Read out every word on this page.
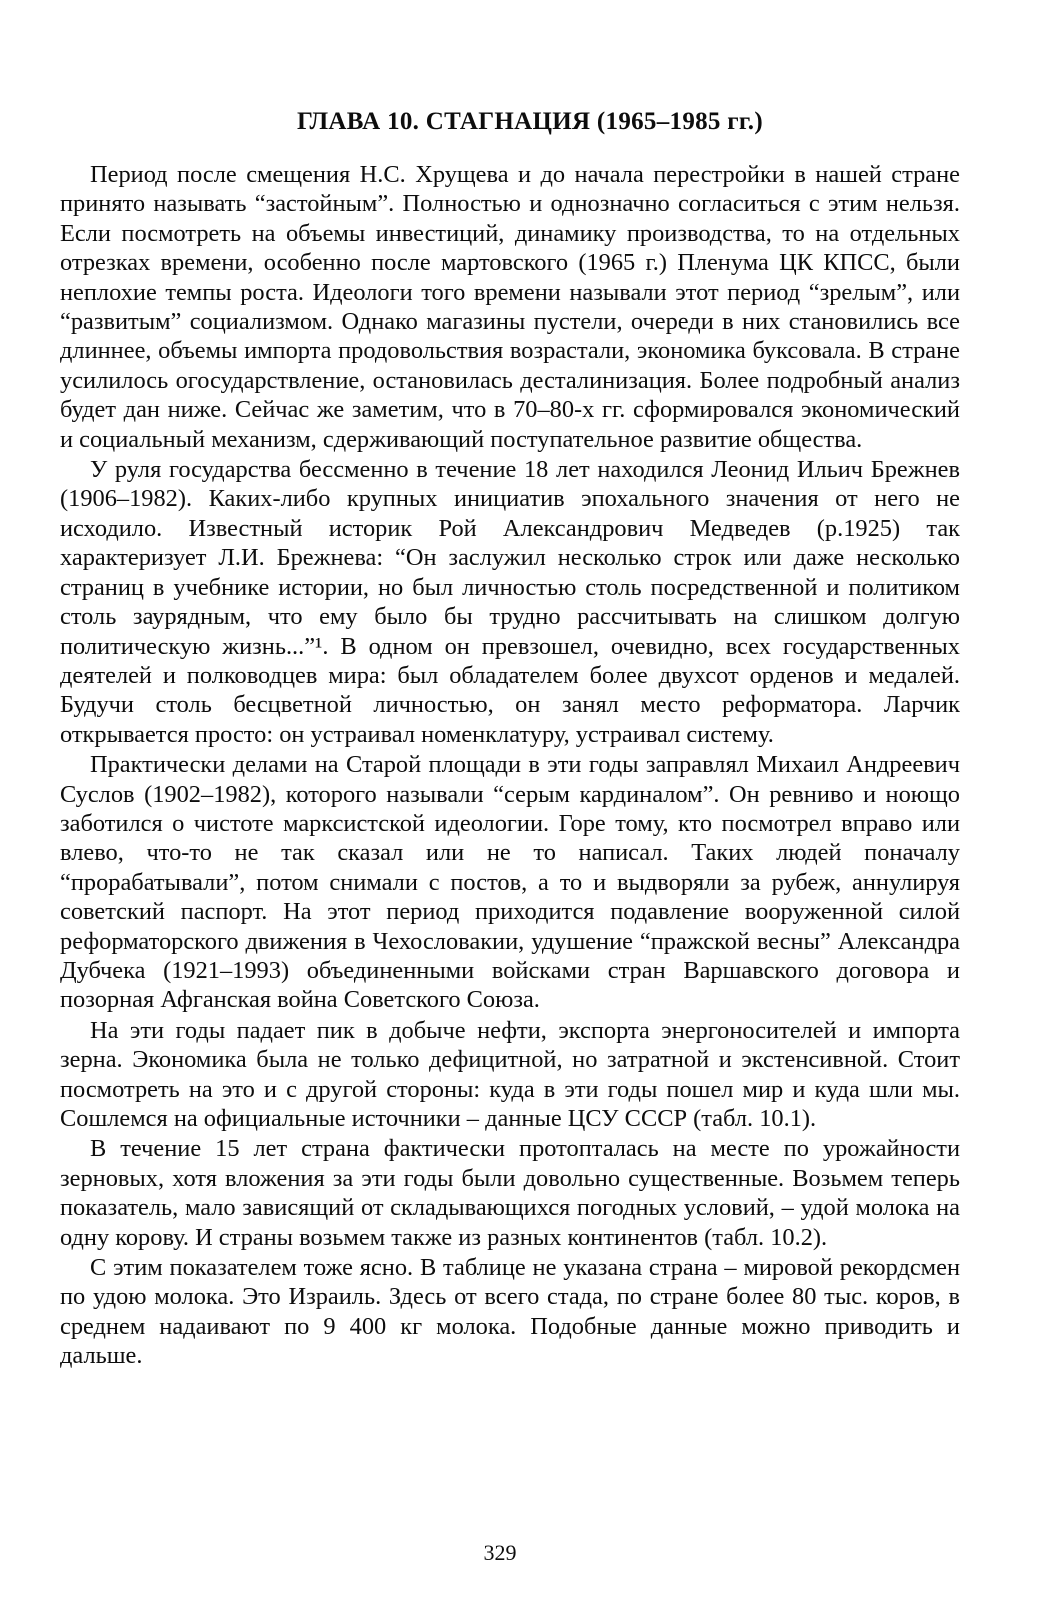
ГЛАВА 10. СТАГНАЦИЯ (1965–1985 гг.)

Период после смещения Н.С. Хрущева и до начала перестройки в нашей стране принято называть “застойным”. Полностью и однозначно согласиться с этим нельзя. Если посмотреть на объемы инвестиций, динамику производства, то на отдельных отрезках времени, особенно после мартовского (1965 г.) Пленума ЦК КПСС, были неплохие темпы роста. Идеологи того времени называли этот период “зрелым”, или “развитым” социализмом. Однако магазины пустели, очереди в них становились все длиннее, объемы импорта продовольствия возрастали, экономика буксовала. В стране усилилось огосударствление, остановилась десталинизация. Более подробный анализ будет дан ниже. Сейчас же заметим, что в 70–80-х гг. сформировался экономический и социальный механизм, сдерживающий поступательное развитие общества.

У руля государства бессменно в течение 18 лет находился Леонид Ильич Брежнев (1906–1982). Каких-либо крупных инициатив эпохального значения от него не исходило. Известный историк Рой Александрович Медведев (р.1925) так характеризует Л.И. Брежнева: “Он заслужил несколько строк или даже несколько страниц в учебнике истории, но был личностью столь посредственной и политиком столь заурядным, что ему было бы трудно рассчитывать на слишком долгую политическую жизнь...”¹. В одном он превзошел, очевидно, всех государственных деятелей и полководцев мира: был обладателем более двухсот орденов и медалей. Будучи столь бесцветной личностью, он занял место реформатора. Ларчик открывается просто: он устраивал номенклатуру, устраивал систему.

Практически делами на Старой площади в эти годы заправлял Михаил Андреевич Суслов (1902–1982), которого называли “серым кардиналом”. Он ревниво и ноющо заботился о чистоте марксистской идеологии. Горе тому, кто посмотрел вправо или влево, что-то не так сказал или не то написал. Таких людей поначалу “прорабатывали”, потом снимали с постов, а то и выдворяли за рубеж, аннулируя советский паспорт. На этот период приходится подавление вооруженной силой реформаторского движения в Чехословакии, удушение “пражской весны” Александра Дубчека (1921–1993) объединенными войсками стран Варшавского договора и позорная Афганская война Советского Союза.

На эти годы падает пик в добыче нефти, экспорта энергоносителей и импорта зерна. Экономика была не только дефицитной, но затратной и экстенсивной. Стоит посмотреть на это и с другой стороны: куда в эти годы пошел мир и куда шли мы. Сошлемся на официальные источники – данные ЦСУ СССР (табл. 10.1).

В течение 15 лет страна фактически протопталась на месте по урожайности зерновых, хотя вложения за эти годы были довольно существенные. Возьмем теперь показатель, мало зависящий от складывающихся погодных условий, – удой молока на одну корову. И страны возьмем также из разных континентов (табл. 10.2).

С этим показателем тоже ясно. В таблице не указана страна – мировой рекордсмен по удою молока. Это Израиль. Здесь от всего стада, по стране более 80 тыс. коров, в среднем надаивают по 9 400 кг молока. Подобные данные можно приводить и дальше.

329
